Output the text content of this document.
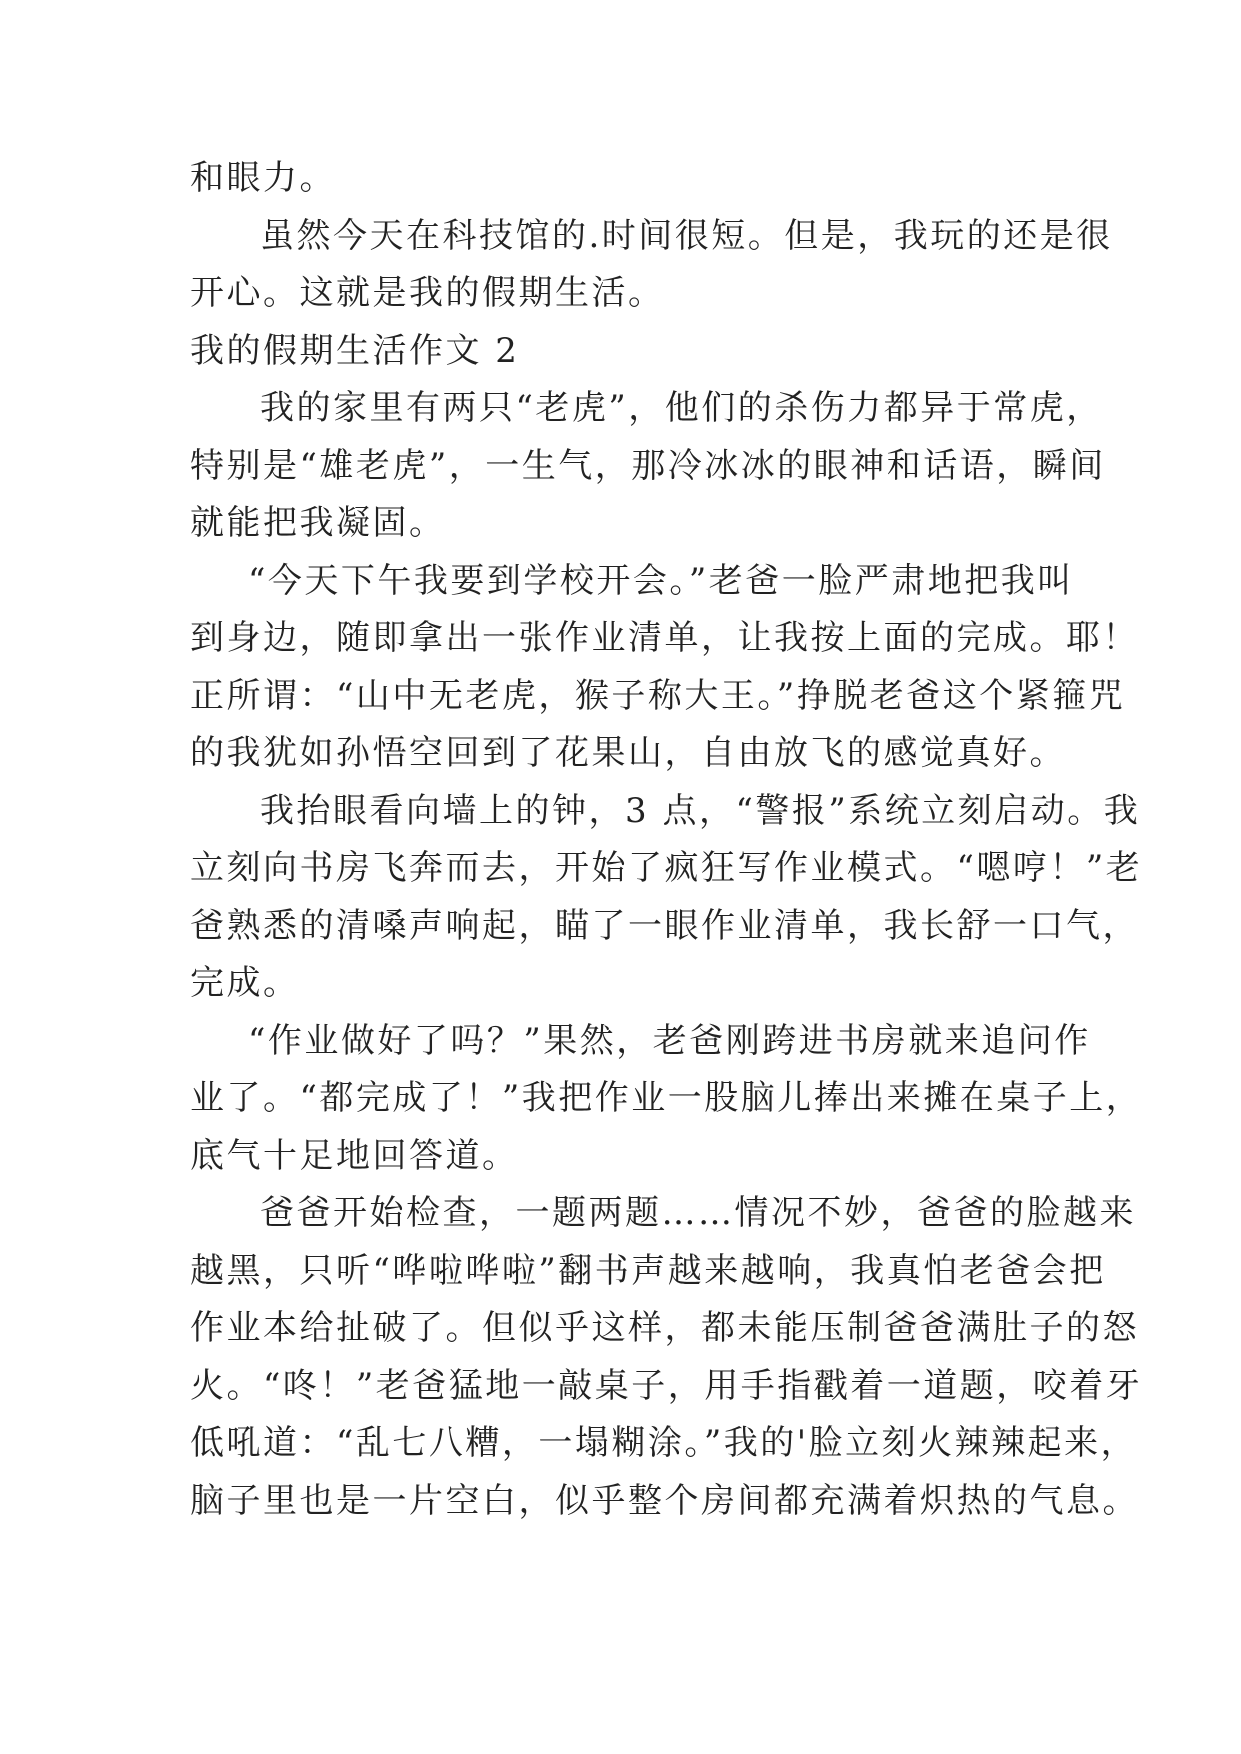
和眼力。
虽然今天在科技馆的.时间很短。但是，我玩的还是很
开心。这就是我的假期生活。
我的假期生活作文 2
我的家里有两只“老虎”，他们的杀伤力都异于常虎，
特别是“雄老虎”，一生气，那冷冰冰的眼神和话语，瞬间
就能把我凝固。
“今天下午我要到学校开会。”老爸一脸严肃地把我叫
到身边，随即拿出一张作业清单，让我按上面的完成。耶！
正所谓：“山中无老虎，猴子称大王。”挣脱老爸这个紧箍咒
的我犹如孙悟空回到了花果山，自由放飞的感觉真好。
我抬眼看向墙上的钟，3 点，“警报”系统立刻启动。我
立刻向书房飞奔而去，开始了疯狂写作业模式。“嗯哼！”老
爸熟悉的清嗓声响起，瞄了一眼作业清单，我长舒一口气，
完成。
“作业做好了吗？”果然，老爸刚跨进书房就来追问作
业了。“都完成了！”我把作业一股脑儿捧出来摊在桌子上，
底气十足地回答道。
爸爸开始检查，一题两题……情况不妙，爸爸的脸越来
越黑，只听“哗啦哗啦”翻书声越来越响，我真怕老爸会把
作业本给扯破了。但似乎这样，都未能压制爸爸满肚子的怒
火。“咚！”老爸猛地一敲桌子，用手指戳着一道题，咬着牙
低吼道：“乱七八糟，一塌糊涂。”我的'脸立刻火辣辣起来，
脑子里也是一片空白，似乎整个房间都充满着炽热的气息。
